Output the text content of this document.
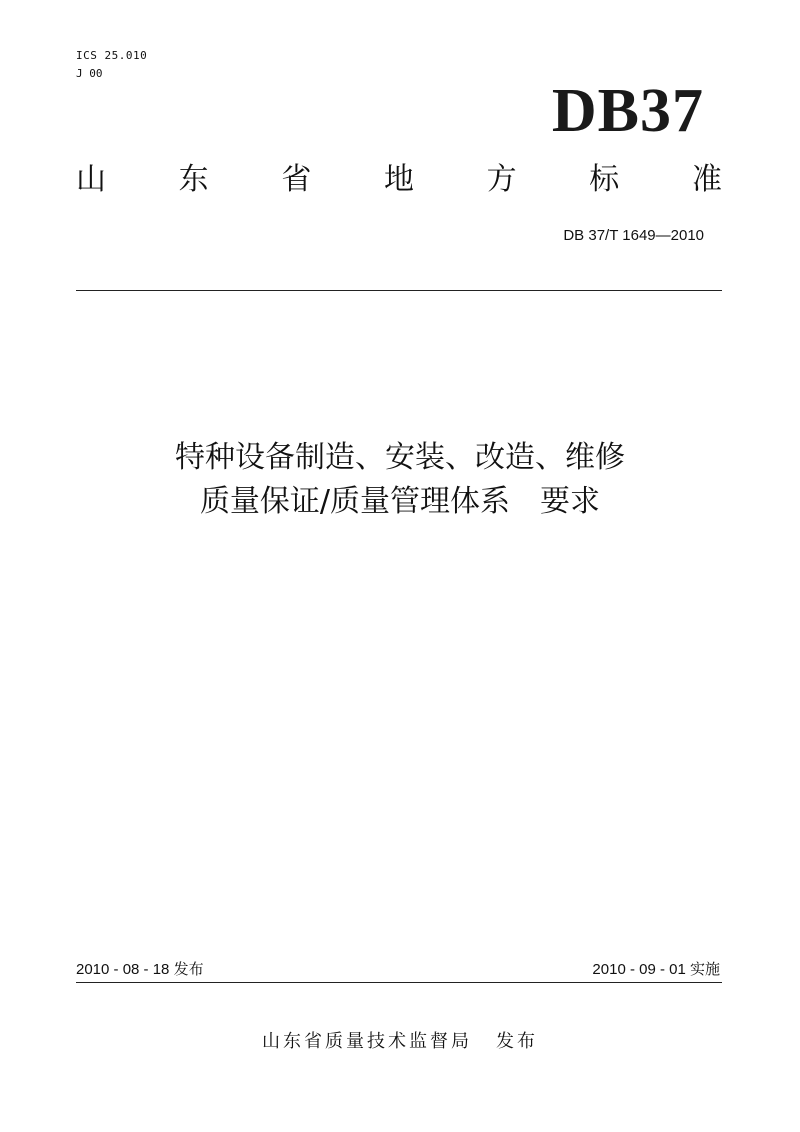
ICS 25.010
J 00
DB37
山 东 省 地 方 标 准
DB 37/T 1649—2010
特种设备制造、安装、改造、维修
质量保证/质量管理体系　要求
2010 - 08 - 18 发布	2010 - 09 - 01 实施
山东省质量技术监督局 发布
